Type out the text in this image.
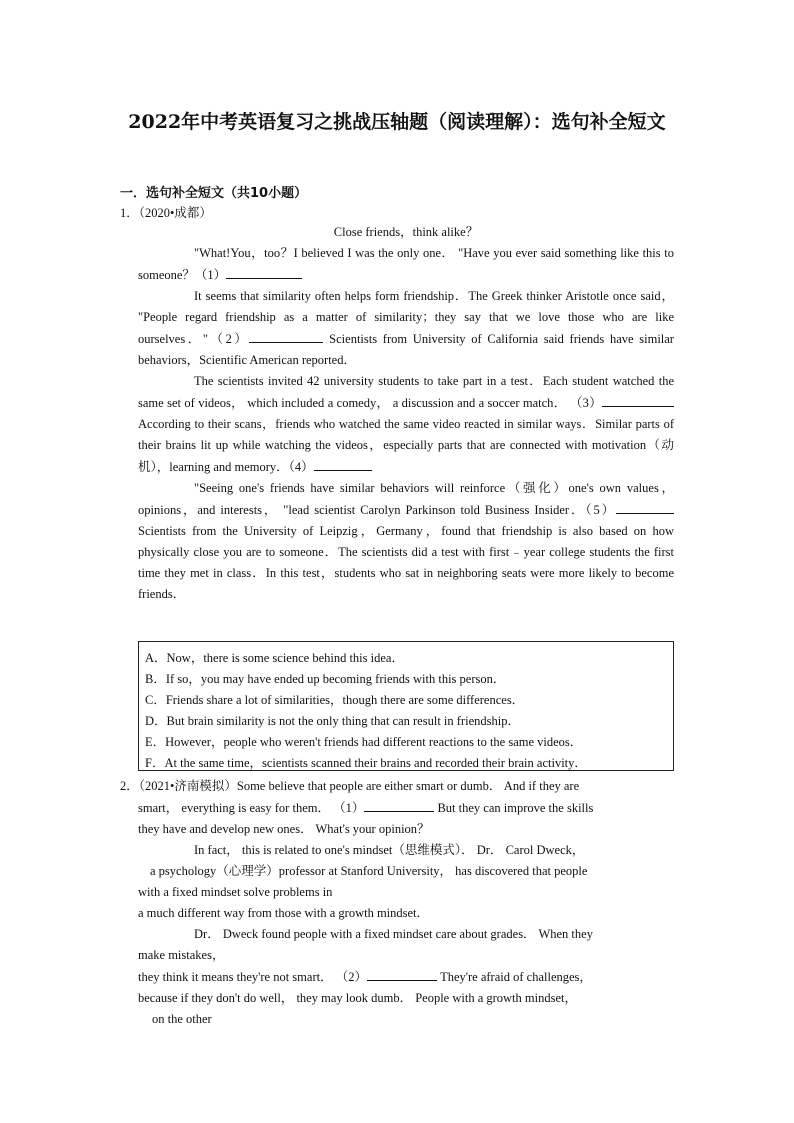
2022年中考英语复习之挑战压轴题（阅读理解）：选句补全短文
一．选句补全短文（共10小题）
1．（2020•成都）

Close friends，think alike？

"What!You，too？I believed I was the only one． "Have you ever said something like this to someone？（1）

It seems that similarity often helps form friendship．The Greek thinker Aristotle once said， "People regard friendship as a matter of similarity；they say that we love those who are like ourselves．"（2）	Scientists from University of California said friends have similar behaviors，Scientific American reported．

The scientists invited 42 university students to take part in a test．Each student watched the same set of videos， which included a comedy， a discussion and a soccer match． （3）According to their scans，friends who watched the same video reacted in similar ways．Similar parts of their brains lit up while watching the videos，especially parts that are connected with motivation（动机），learning and memory．（4）

"Seeing one's friends have similar behaviors will reinforce（强化）one's own values，opinions，and interests， "lead scientist Carolyn Parkinson told Business Insider．（5） Scientists from the University of Leipzig，Germany，found that friendship is also based on how physically close you are to someone．The scientists did a test with first﹣year college students the first time they met in class．In this test，students who sat in neighboring seats were more likely to become friends．

A．Now，there is some science behind this idea．
B．If so，you may have ended up becoming friends with this person．
C．Friends share a lot of similarities，though there are some differences．
D．But brain similarity is not the only thing that can result in friendship．
E．However，people who weren't friends had different reactions to the same videos．
F．At the same time，scientists scanned their brains and recorded their brain activity．
2．（2021•济南模拟）Some believe that people are either smart or dumb． And if they are
smart， everything is easy for them． （1）	But they can improve the skills
they have and develop new ones． What's your opinion？
In fact， this is related to one's mindset（思维模式）． Dr． Carol Dweck，
a psychology（心理学）professor at Stanford University， has discovered that people
with a fixed mindset solve problems in
a much different way from those with a growth mindset．
Dr． Dweck found people with a fixed mindset care about grades． When they
make mistakes，
they think it means they're not smart． （2）	They're afraid of challenges，
because if they don't do well， they may look dumb． People with a growth mindset，
on the other
